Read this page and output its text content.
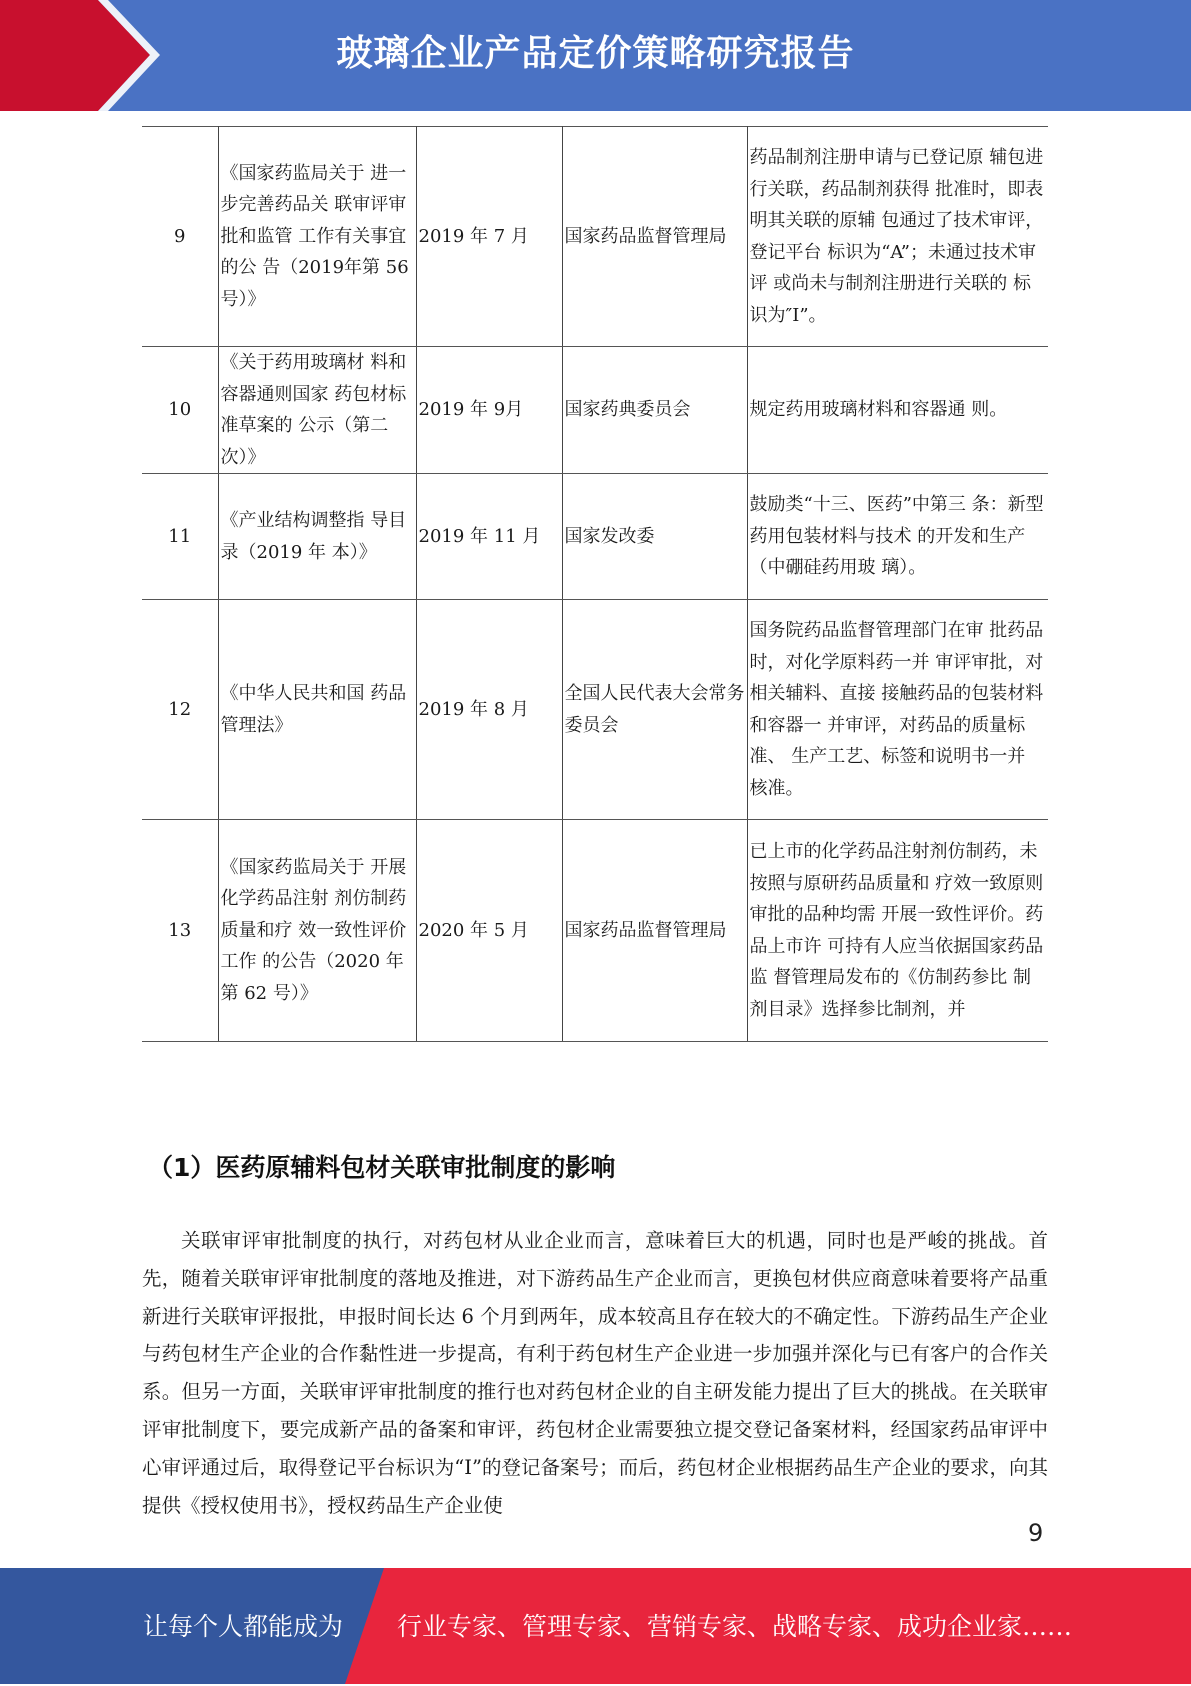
玻璃企业产品定价策略研究报告
9	《国家药监局关于 进一步完善药品关 联审评审批和监管 工作有关事宜的公 告（2019年第 56 号）》	2019 年 7 月	国家药品监督管理局	药品制剂注册申请与已登记原 辅包进行关联，药品制剂获得 批准时，即表明其关联的原辅 包通过了技术审评，登记平台 标识为“A”；未通过技术审评 或尚未与制剂注册进行关联的 标识为″I”。
10	《关于药用玻璃材 料和容器通则国家 药包材标准草案的 公示（第二次）》	2019 年 9月	国家药典委员会	规定药用玻璃材料和容器通 则。
11	《产业结构调整指 导目录（2019 年 本）》	2019 年 11 月	国家发改委	鼓励类“十三、医药”中第三 条：新型药用包装材料与技术 的开发和生产（中硼硅药用玻 璃）。
12	《中华人民共和国 药品管理法》	2019 年 8 月	全国人民代表大会常务委员会	国务院药品监督管理部门在审 批药品时，对化学原料药一并 审评审批，对相关辅料、直接 接触药品的包装材料和容器一 并审评，对药品的质量标准、 生产工艺、标签和说明书一并 核准。
13	《国家药监局关于 开展化学药品注射 剂仿制药质量和疗 效一致性评价工作 的公告（2020 年第 62 号）》	2020 年 5 月	国家药品监督管理局	已上市的化学药品注射剂仿制药，未按照与原研药品质量和 疗效一致原则审批的品种均需 开展一致性评价。药品上市许 可持有人应当依据国家药品监 督管理局发布的《仿制药参比 制剂目录》选择参比制剂，并
（1）医药原辅料包材关联审批制度的影响

关联审评审批制度的执行，对药包材从业企业而言，意味着巨大的机遇，同时也是严峻的挑战。首先，随着关联审评审批制度的落地及推进，对下游药品生产企业而言，更换包材供应商意味着要将产品重新进行关联审评报批，申报时间长达 6 个月到两年，成本较高且存在较大的不确定性。下游药品生产企业与药包材生产企业的合作黏性进一步提高，有利于药包材生产企业进一步加强并深化与已有客户的合作关系。但另一方面，关联审评审批制度的推行也对药包材企业的自主研发能力提出了巨大的挑战。在关联审评审批制度下，要完成新产品的备案和审评，药包材企业需要独立提交登记备案材料，经国家药品审评中心审评通过后，取得登记平台标识为“I”的登记备案号；而后，药包材企业根据药品生产企业的要求，向其提供《授权使用书》，授权药品生产企业使

9
让每个人都能成为 行业专家、管理专家、营销专家、战略专家、成功企业家……
